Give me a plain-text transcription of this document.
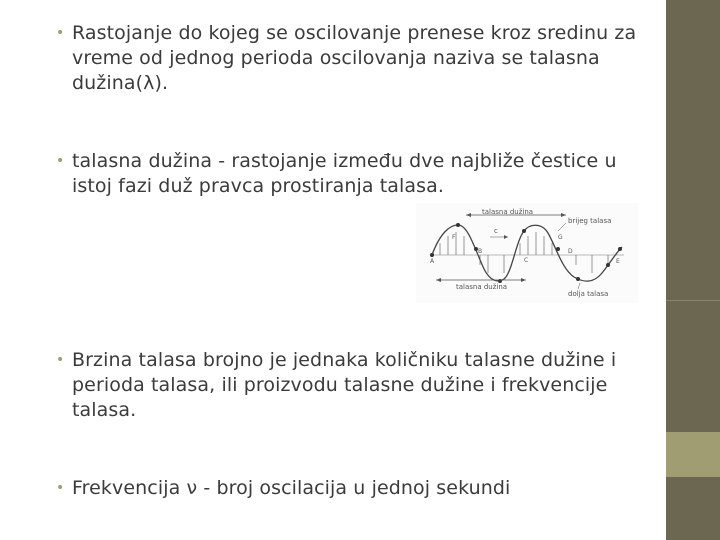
• Rastojanje do kojeg se oscilovanje prenese kroz sredinu za vreme od jednog perioda oscilovanja naziva se talasna dužina(λ).
• talasna dužina - rastojanje između dve najbliže čestice u istoj fazi duž pravca prostiranja talasa.
talasna dužina
brijeg talasa
c
A
B
C
D
E
F	G
talasna dužina
dolja talasa
• Brzina talasa brojno je jednaka količniku talasne dužine i perioda talasa, ili proizvodu talasne dužine i frekvencije talasa.
• Frekvencija ν - broj oscilacija u jednoj sekundi
